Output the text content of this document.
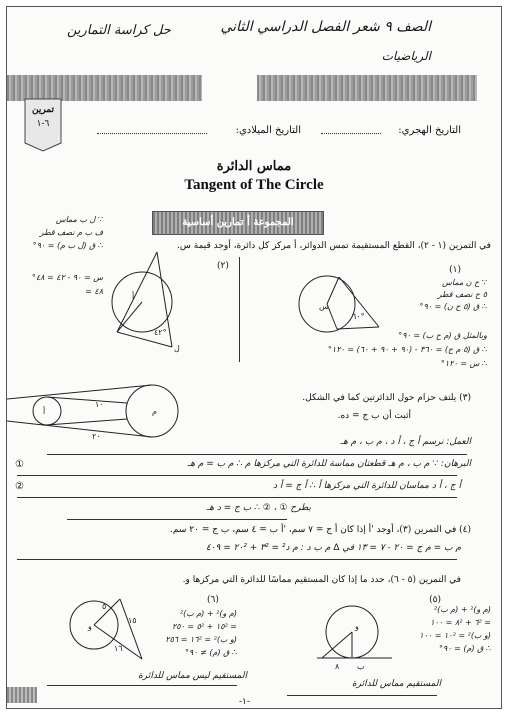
الصف ٩ شعر الفصل الدراسي الثاني
حل كراسة التمارين
الرياضيات
تمرين
٦-١
التاريخ الهجري:
التاريخ الميلادي:
مماس الدائرة
Tangent of The Circle
المجموعة أ تمارين أساسية
في التمرين (١ - ٢)، القطع المستقيمة تمس الدوائر، أ مركز كل دائرة، أوجد قيمة س.
(٢)	(١)
∵ ل ب مماس
ف ب م نصف قطر
∴ ق (ل ب م) = ٩٠°
س = ٩٠ - ٤٢ = ٤٨°
٤٨ =
أ
٤٢°
ل
س
٦٠°
∵ ح ن مماس
٥ ح نصف قطر
∴ ق (٥ ح ن) = ٩٠°
وبالمثل ق (م ح ب) = ٩٠°
∴ ق (٥ م ح) = ٣٦٠ - (٩٠ + ٩٠ + ٦٠) = ١٢٠°
∴ س = ١٢٠°
أ	م
١٠
٢٠
(٣) يلتف حزام حول الدائرتين كما في الشكل.
أثبت أن ب ج = ده.
العمل: نرسم أ ج ، أ د ، م ب ، م هـ
البرهان: ∵ م ب ، م هـ قطعتان مماسة للدائرة التي مركزها م ∴ م ب = م هـ
①
أ ج ، أ د مماسان للدائرة التي مركزها أ ∴ أ ج = أ د
②
بطرح ① ، ② ∴ ب ج = د هـ
(٤) في التمرين (٣)، أوجد 'أ إذا كان أ ج = ٧ سم، 'أ ب = ٤ سم، ب ج = ٢٠ سم.
م ب = م ج = ٢٠ - ٧ = ١٣ في ∆ م ب د : م د² = ٣² + ٢٠² = ٤٠٩
في التمرين (٥ - ٦)، حدد ما إذا كان المستقيم مماسًا للدائرة التي مركزها و.
(٥)
(٦)
و
١٥
١٦
٥
(م و)² + (م ب)²
= ١٥² + ٥² = ٢٥٠
(و ب)² = ١٦² = ٢٥٦
∴ ق (م) ≠ ٩٠°
و
٨ ب
(م و)² + (م ب)²
= ٦² + ٨² = ١٠٠
(و ب)² = ١٠² = ١٠٠
∴ ق (م) = ٩٠°
المستقيم ليس مماس للدائرة
المستقيم مماس للدائرة
-١-
